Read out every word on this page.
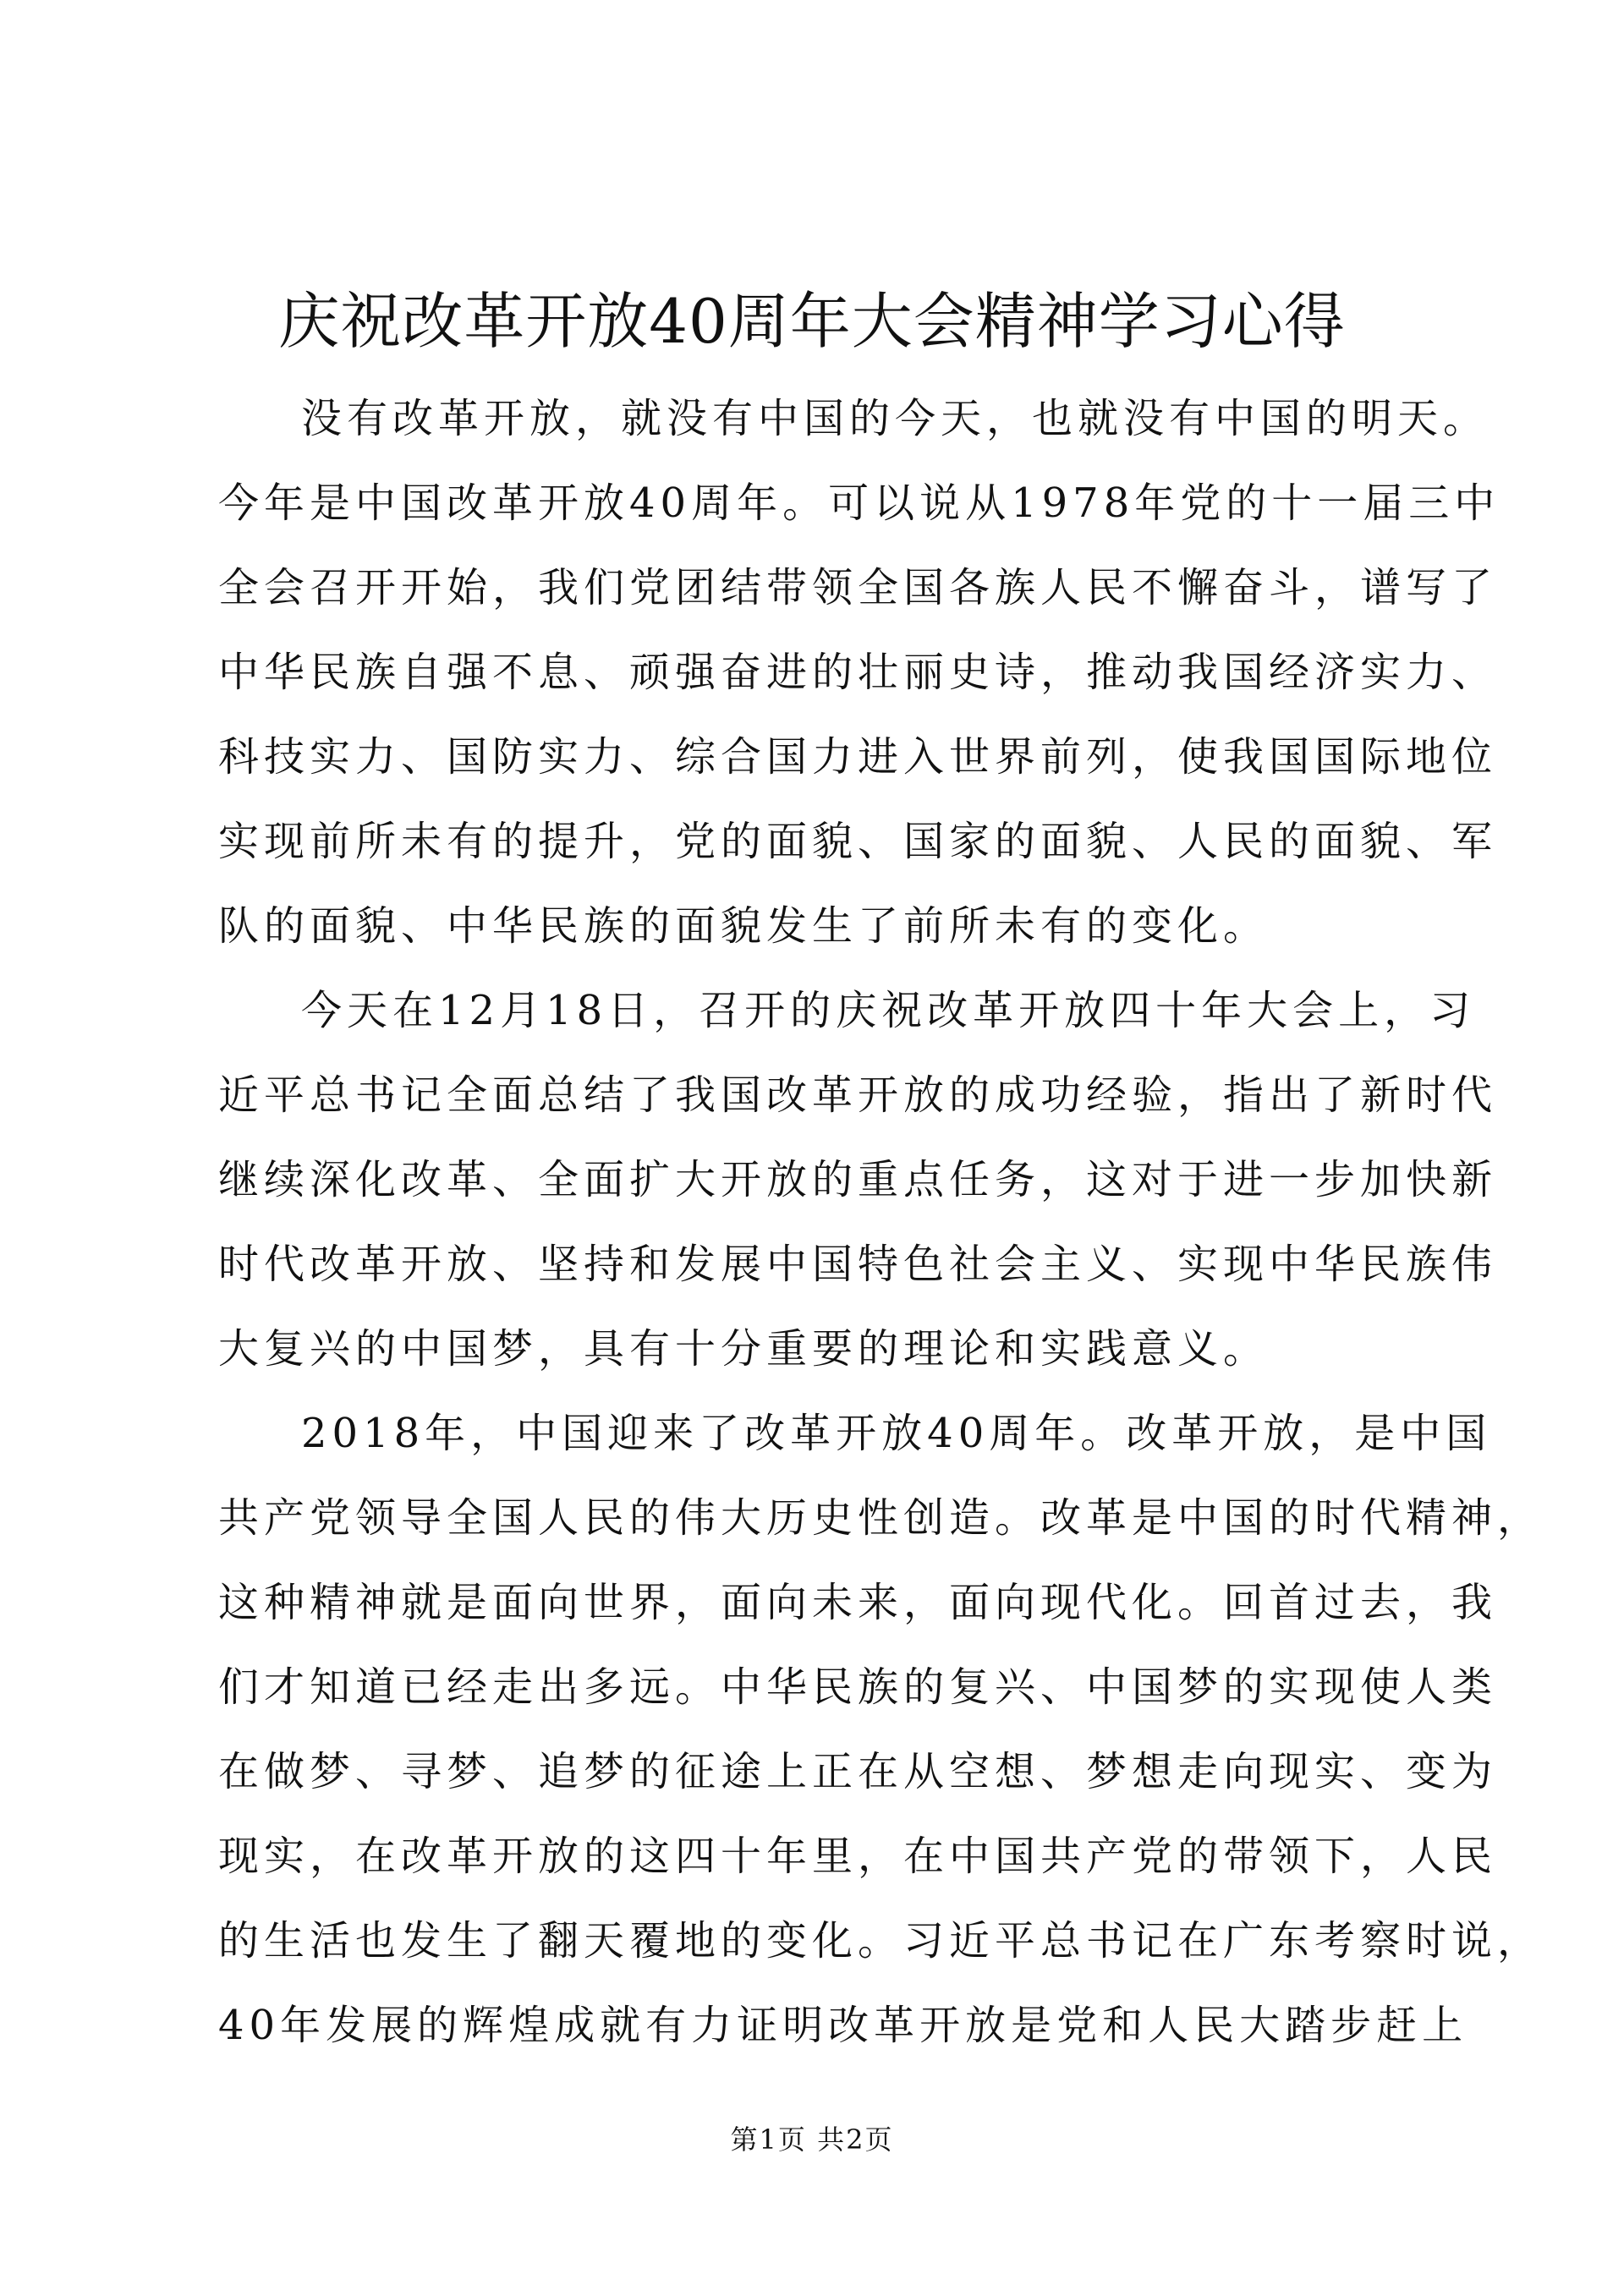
庆祝改革开放40周年大会精神学习心得
没有改革开放，就没有中国的今天，也就没有中国的明天。
今年是中国改革开放40周年。可以说从1978年党的十一届三中
全会召开开始，我们党团结带领全国各族人民不懈奋斗，谱写了
中华民族自强不息、顽强奋进的壮丽史诗，推动我国经济实力、
科技实力、国防实力、综合国力进入世界前列，使我国国际地位
实现前所未有的提升，党的面貌、国家的面貌、人民的面貌、军
队的面貌、中华民族的面貌发生了前所未有的变化。
今天在12月18日，召开的庆祝改革开放四十年大会上，习
近平总书记全面总结了我国改革开放的成功经验，指出了新时代
继续深化改革、全面扩大开放的重点任务，这对于进一步加快新
时代改革开放、坚持和发展中国特色社会主义、实现中华民族伟
大复兴的中国梦，具有十分重要的理论和实践意义。
2018年，中国迎来了改革开放40周年。改革开放，是中国
共产党领导全国人民的伟大历史性创造。改革是中国的时代精神，
这种精神就是面向世界，面向未来，面向现代化。回首过去，我
们才知道已经走出多远。中华民族的复兴、中国梦的实现使人类
在做梦、寻梦、追梦的征途上正在从空想、梦想走向现实、变为
现实，在改革开放的这四十年里，在中国共产党的带领下，人民
的生活也发生了翻天覆地的变化。习近平总书记在广东考察时说，
40年发展的辉煌成就有力证明改革开放是党和人民大踏步赶上
第1页 共2页
